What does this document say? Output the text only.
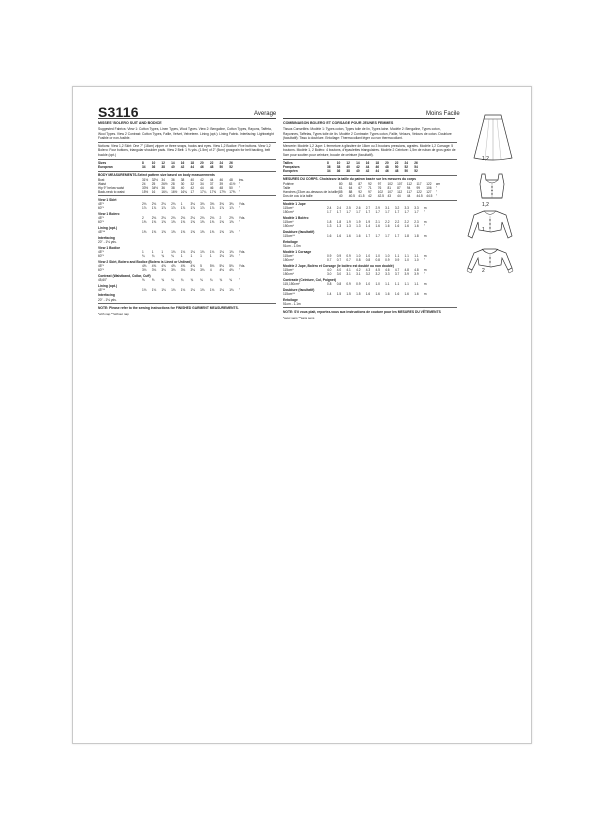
S3116	Average	Moins Facile
MISSES' BOLERO SUIT AND BODICE

Suggested Fabrics: View 1: Cotton Types, Linen Types, Wool Types. View 2: Bengaline, Cotton Types, Rayons, Taffeta, Wool Types. View 2 Contrast: Cotton Types, Faille, Velvet, Velveteen. Lining (opt.): Lining Fabric. Interfacing: Lightweight Fusible or non-fusible.

Notions: View 1,2 Skirt: One 7" (18cm) zipper or three snaps, hooks and eyes. View 1,2 Bodice: Five buttons. View 1,2 Bolero: Four buttons, triangular shoulder pads. View 2 Belt: 1 ⅝ yds. (1.5m) of 2" (5cm) grosgrain for belt backing, belt buckle (opt.)

Sizes	8	10	12	14	16	18	20	22	24	26	
European	34	36	38	40	42	44	46	48	50	52	
BODY MEASUREMENTS-Select pattern size based on body measurements
Bust	31½	32½	34	36	38	40	42	44	46	48	ins.
Waist	24	25	26½	28	30	32	34	37	39	41½	"
Hip 9" below waist	33½	34½	36	38	40	42	44	46	48	50	"
Back-neck to waist	15½	16	16¼	16½	16¾	17	17¼	17⅜	17½	17⅝	"
View 1 Skirt
45"*	2⅛	2⅛	2⅛	2⅛	1	3⅛	3⅛	3⅜	3⅜	3⅜	Yds.
60"*	1⅞	1⅞	1⅞	1⅞	1⅞	1⅞	1⅞	1⅞	1⅞	1⅞	"
View 1 Bolero
45"*	2	2⅛	2⅛	2⅛	2⅛	2⅛	2⅛	2⅛	2	2⅝	Yds.
60"*	1⅝	1⅝	1⅝	1⅝	1⅝	1⅝	1⅝	1⅝	1⅝	1⅝	"
Lining (opt.)
45"**	1⅝	1⅝	1⅝	1⅝	1⅝	1⅝	1⅝	1⅝	1⅝	1⅝	"
Interfacing
20" - 1⅛ yds.											
View 1 Bodice
45"*	1	1	1	1⅛	1⅛	1⅛	1⅛	1⅛	1⅛	1⅛	Yds.
60"*	¾	¾	¾	¾	1	1	1	1	1⅛	1⅛	"
View 2 Skirt, Bolero and Bodice (Bolero is Lined or Unlined)
45"*	4⅝	4⅝	4⅝	4⅝	4⅝	4⅝	5	5⅛	5⅛	5⅛	Yds.
60"*	3⅛	3⅛	3⅛	3⅛	3⅛	3⅛	3⅛	4	4⅛	4⅛	"
Contrast (Waistband, Collar, Cuff)
45,60"	⅝	⅝	¾	¾	¾	¾	¾	¾	¾	¾	"
Lining (opt.)
45"**	1⅛	1⅛	1⅛	1⅛	1⅛	1⅛	1⅛	1⅛	1⅛	1⅛	"
Interfacing
20" - 1⅛ yds.											

NOTE: Please refer to the sewing instructions for FINISHED GARMENT MEASUREMENTS.

*with nap **without nap

COMBINAISON BOLERO ET CORSAGE POUR JEUNES FEMMES

Tissus Conseillés: Modèle 1: Types coton, Types toile de lin, Types laine. Modèle 2: Bengaline, Types coton, Rayonnes, Taffetas, Types toile de lin. Modèle 2 Contraste: Types coton, Faille, Velours, Velours de coton. Doublure (facultatif): Tissu à doublure. Entoilage: Thermocollant léger ou non thermocollant.

Mercerie: Modèle 1,2 Jupe: 1 fermeture à glissière de 18cm ou 3 boutons pressions, agrafes. Modèle 1,2 Corsage: 5 boutons. Modèle 1, 2 Boléro: 4 boutons, d'épaulettes triangulaires. Modèle 2 Ceinture: 1,5m de ruban de gros grain de 5cm pour soutien pour ceinture, boucle de ceinture (facultatif).

Tailles	8	10	12	14	16	18	20	22	24	26	
Françaises	36	38	40	42	44	46	48	50	52	54	
Européen	34	36	38	40	42	44	46	48	50	52	
MESURES DU CORPS. Choisissez la taille du patron basée sur les mesures du corps
Poitrine	80	83	87	92	97	102	107	112	117	122	cm
Taille	61	64	67	71	76	81	87	94	99	106	"
Hanches (23cm au-dessous de la taille)	85	88	92	97	102	107	112	117	122	127	"
Dos de cou à la taille	40	40.5	41.5	42	42.5	43	44	44	44.5	44.5	"
Modèle 1 Jupe
115cm*	2.4	2.4	2.5	2.6	2.7	2.9	3.1	3.2	3.3	3.3	m
150cm*	1.7	1.7	1.7	1.7	1.7	1.7	1.7	1.7	1.7	1.7	"
Modèle 1 Boléro
115cm*	1.8	1.8	1.9	1.9	1.9	2.1	2.2	2.2	2.2	2.3	m
150cm*	1.3	1.3	1.3	1.3	1.4	1.6	1.6	1.6	1.6	1.6	"
Doublure (facultatif)
115cm**	1.6	1.6	1.6	1.6	1.7	1.7	1.7	1.7	1.8	1.8	m
Entoilage
51cm - 1.0m											
Modèle 1 Corsage
115cm*	0.9	0.9	0.9	1.0	1.0	1.0	1.0	1.1	1.1	1.1	m
150cm*	0.7	0.7	0.7	0.8	0.8	0.8	0.9	0.9	1.0	1.0	"
Modèle 2 Jupe, Boléro et Corsage (le boléro est doublé ou non doublé)
115cm*	4.0	4.0	4.1	4.2	4.3	4.5	4.6	4.7	4.8	4.8	m
150cm*	3.0	3.0	3.1	3.1	3.2	3.2	3.3	3.7	3.9	3.9	"
Contraste (Ceinture, Col, Poignet)
115,150cm*	0.8	0.8	0.9	0.9	1.0	1.0	1.1	1.1	1.1	1.1	m
Doublure (facultatif)
115cm**	1.4	1.5	1.5	1.5	1.6	1.6	1.6	1.6	1.6	1.6	m
Entoilage
51cm - 1.1m											

NOTE: S'il vous plait, reportez-vous aux instructions de couture pour les MESURES DU VÊTEMENTS

*avec sens **sans sens

1,2
1,2
1
2
